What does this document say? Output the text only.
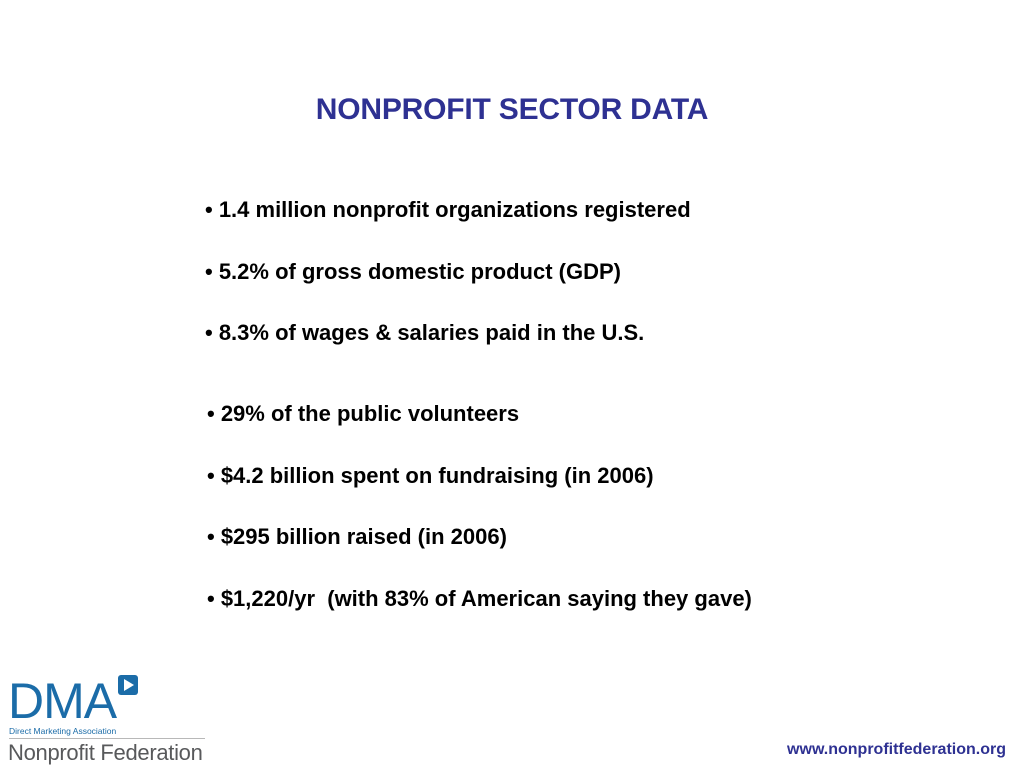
NONPROFIT SECTOR DATA
• 1.4 million nonprofit organizations registered
• 5.2% of gross domestic product (GDP)
• 8.3% of wages & salaries paid in the U.S.
• 29% of the public volunteers
• $4.2 billion spent on fundraising (in 2006)
• $295 billion raised (in 2006)
• $1,220/yr  (with 83% of American saying they gave)
DMA
Direct Marketing Association
Nonprofit Federation	www.nonprofitfederation.org
